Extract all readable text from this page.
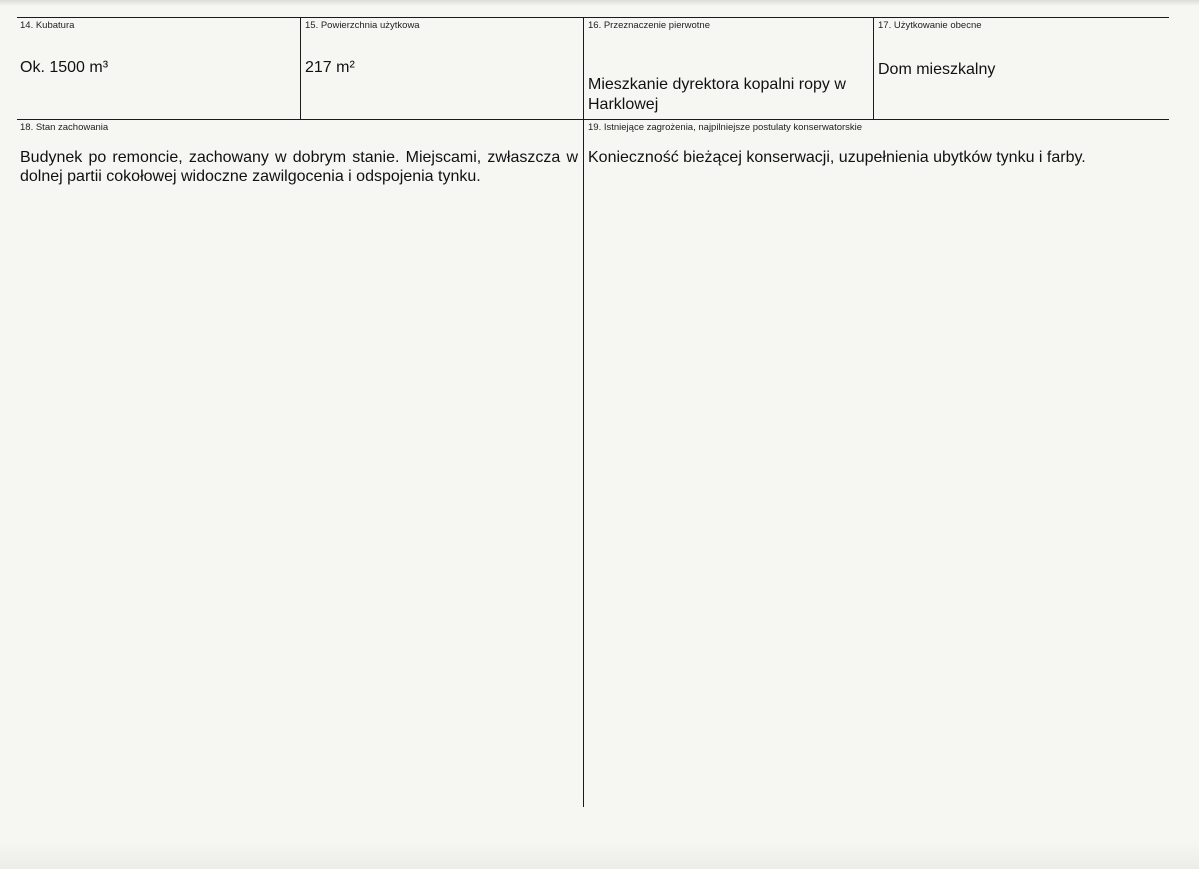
14. Kubatura
Ok. 1500 m³
15. Powierzchnia użytkowa
217 m²
16. Przeznaczenie pierwotne
Mieszkanie dyrektora kopalni ropy w Harklowej
17. Użytkowanie obecne
Dom mieszkalny
18. Stan zachowania
Budynek po remoncie, zachowany w dobrym stanie. Miejscami, zwłaszcza w dolnej partii cokołowej widoczne zawilgocenia i odspojenia tynku.
19. Istniejące zagrożenia, najpilniejsze postulaty konserwatorskie
Konieczność bieżącej konserwacji, uzupełnienia ubytków tynku i farby.
